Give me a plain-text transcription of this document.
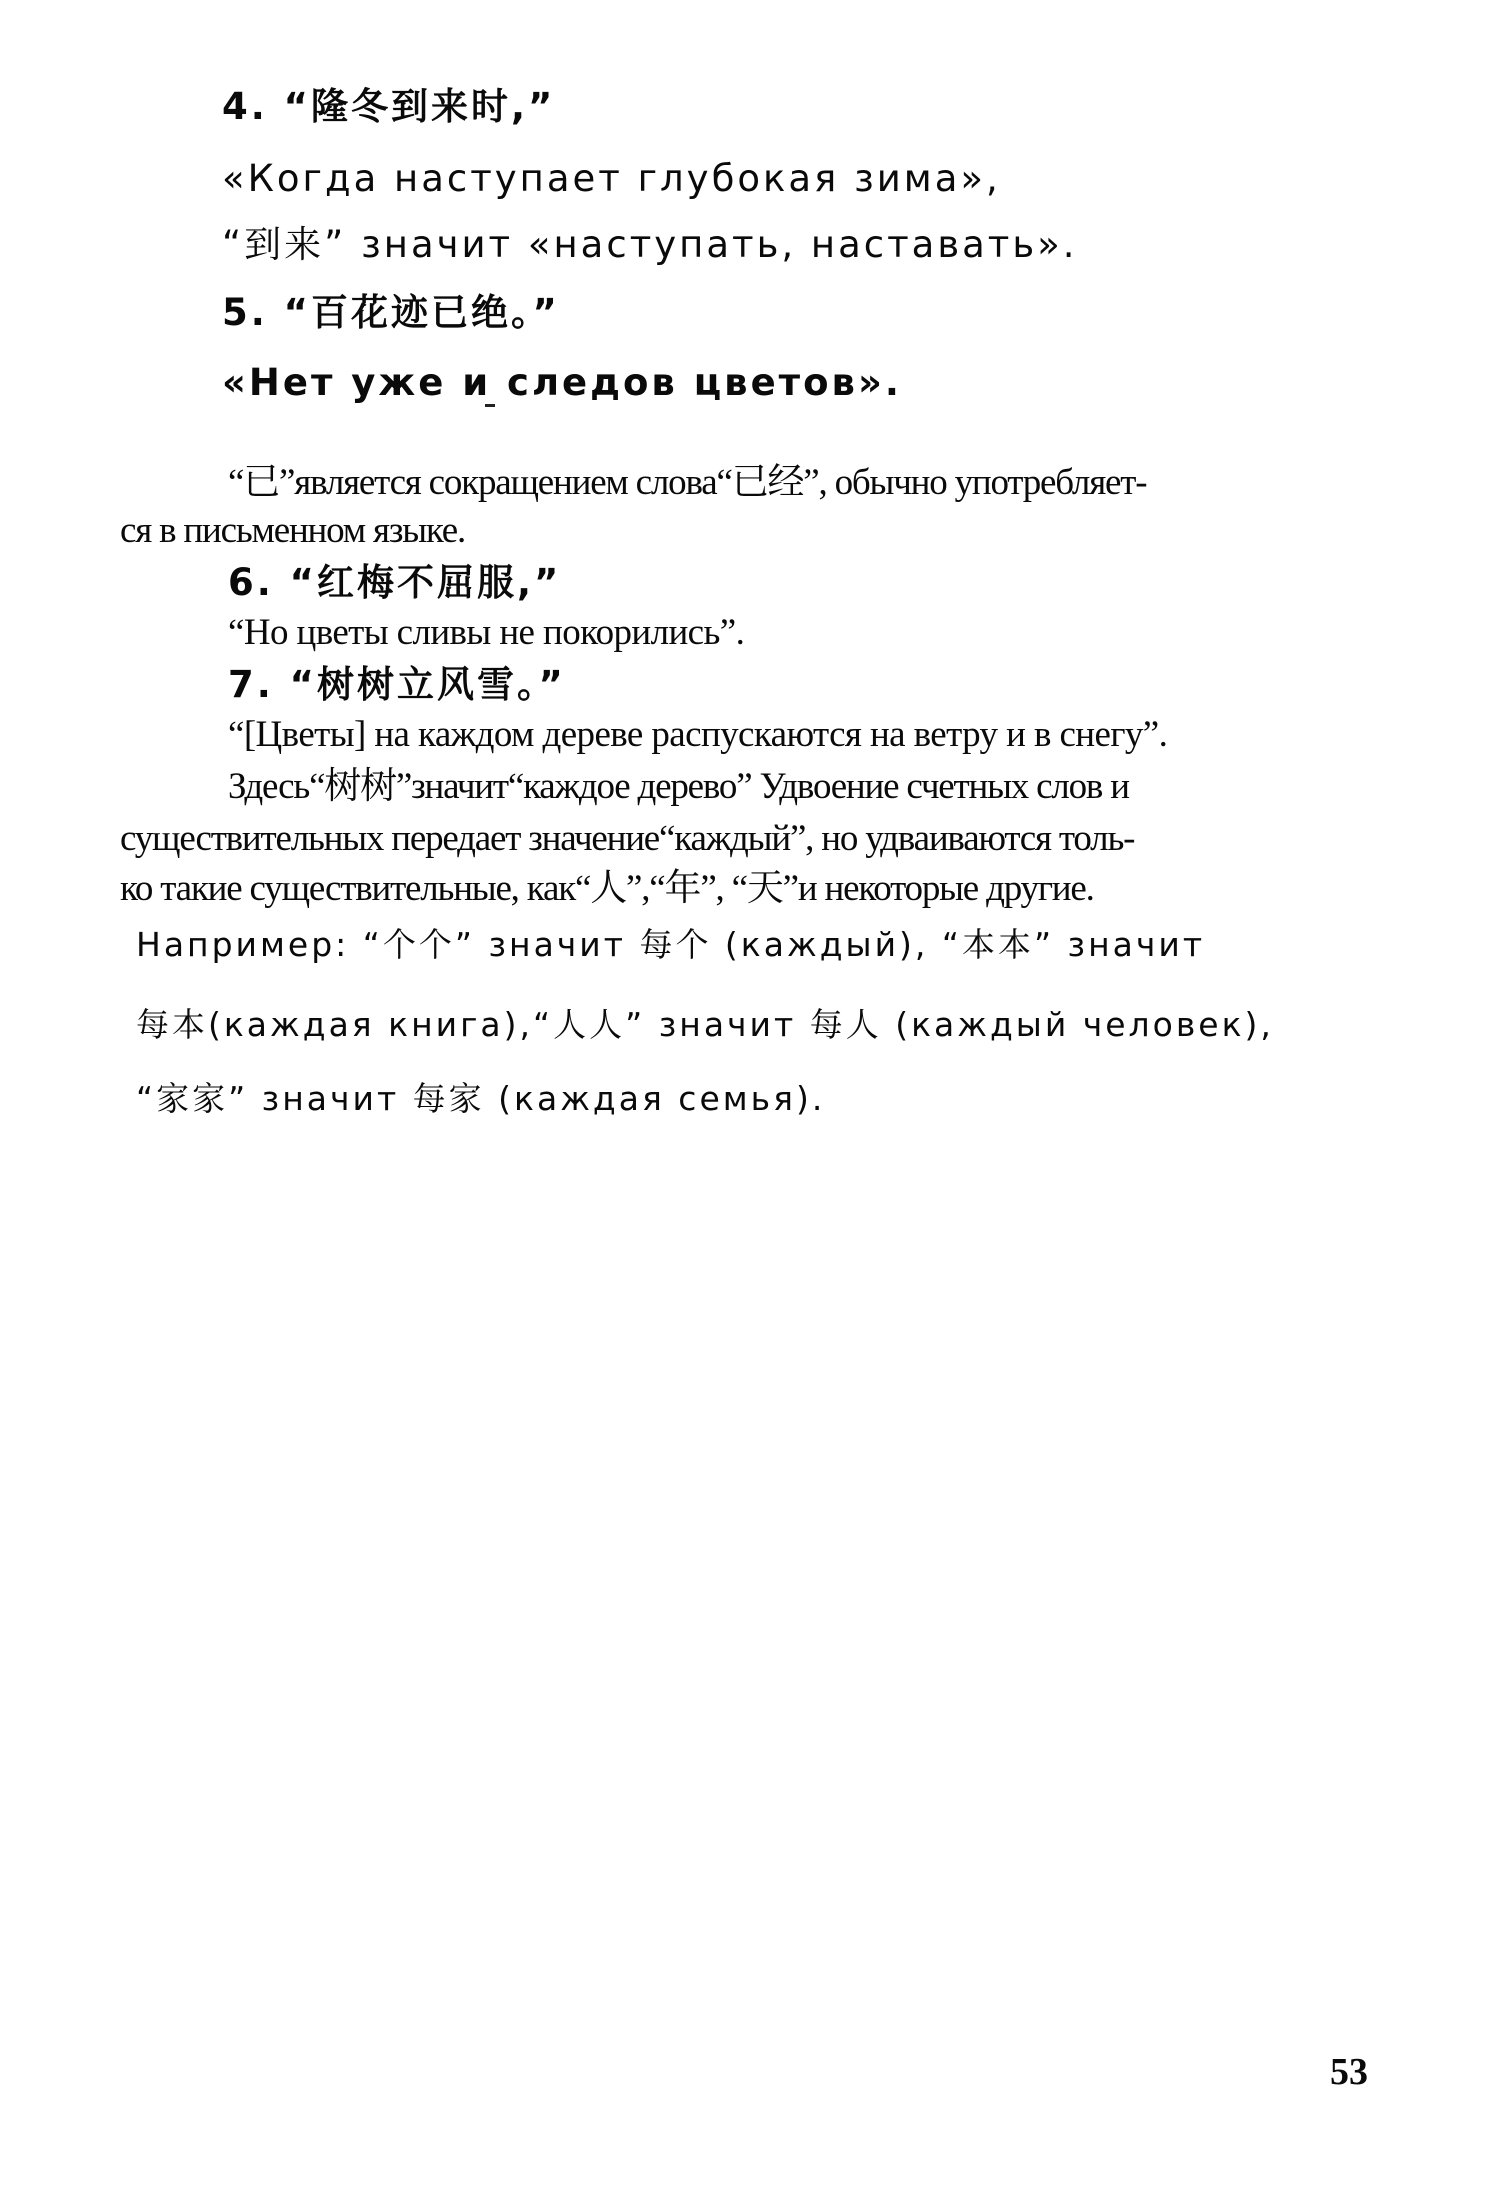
4. “隆冬到来时,”
«Когда наступает глубокая зима»,
“到来” значит «наступать, наставать».
5. “百花迹已绝。”
«Нет уже и следов цветов».
“已”является сокращением слова“已经”, обычно употребляет-
ся в письменном языке.
6. “红梅不屈服,”
“Но цветы сливы не покорились”.
7. “树树立风雪。”
“[Цветы] на каждом дереве распускаются на ветру и в снегу”.
Здесь“树树”значит“каждое дерево” Удвоение счетных слов и
существительных передает значение“каждый”, но удваиваются толь-
ко такие существительные, как“人”,“年”, “天”и некоторые другие.
Например: “个个” значит 每个 (каждый), “本本” значит
每本(каждая книга),“人人” значит 每人 (каждый человек),
“家家” значит 每家 (каждая семья).
53
